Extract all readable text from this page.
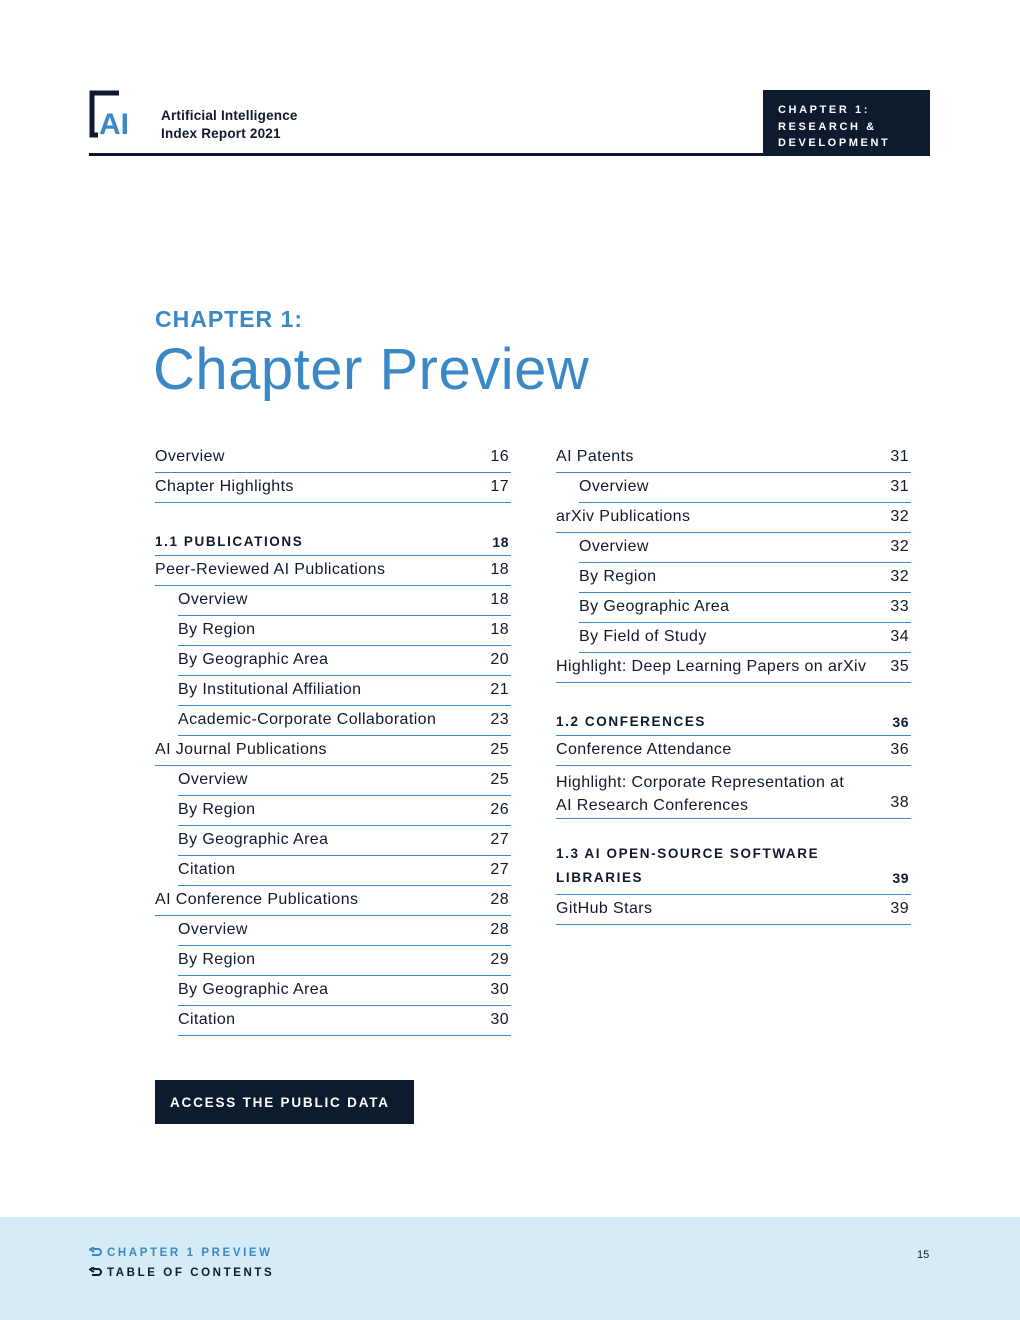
AI Artificial Intelligence
Index Report 2021
CHAPTER 1:
RESEARCH &
DEVELOPMENT
CHAPTER 1:
Chapter Preview
Overview	16
Chapter Highlights	17
1.1 PUBLICATIONS	18
Peer-Reviewed AI Publications	18
Overview	18
By Region	18
By Geographic Area	20
By Institutional Affiliation	21
Academic-Corporate Collaboration	23
AI Journal Publications	25
Overview	25
By Region	26
By Geographic Area	27
Citation	27
AI Conference Publications	28
Overview	28
By Region	29
By Geographic Area	30
Citation	30
AI Patents	31
Overview	31
arXiv Publications	32
Overview	32
By Region	32
By Geographic Area	33
By Field of Study	34
Highlight: Deep Learning Papers on arXiv 35
1.2 CONFERENCES	36
Conference Attendance	36
Highlight: Corporate Representation at AI Research Conferences	38
1.3 AI OPEN-SOURCE SOFTWARE LIBRARIES	39
GitHub Stars	39
ACCESS THE PUBLIC DATA
CHAPTER 1 PREVIEW
TABLE OF CONTENTS
15
